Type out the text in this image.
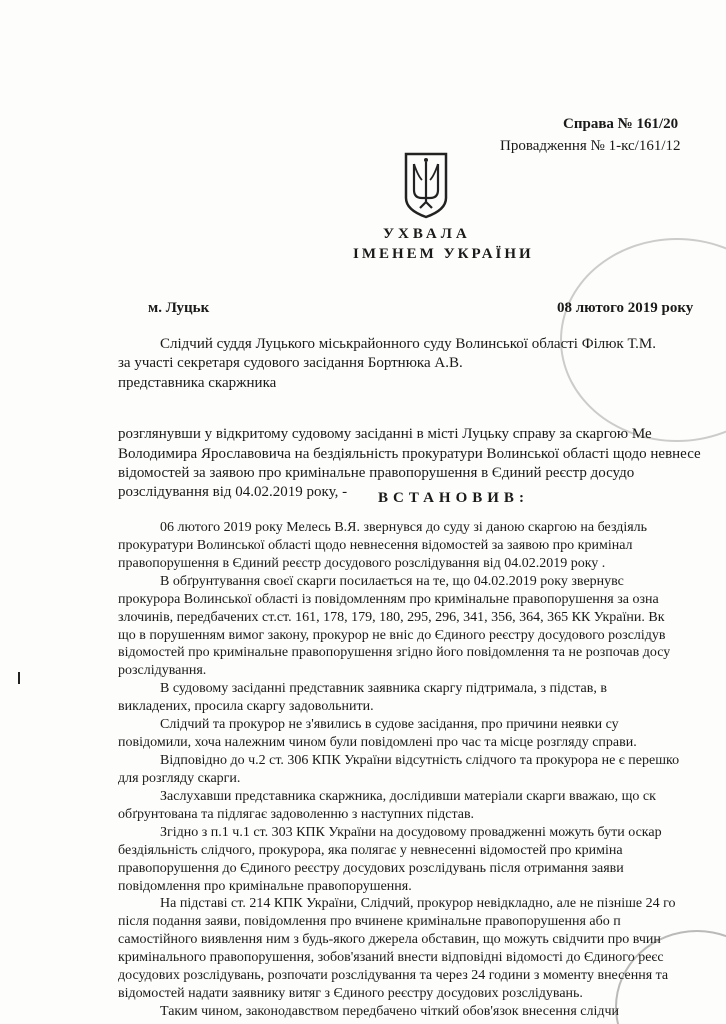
Справа № 161/20
Провадження № 1-кс/161/12
УХВАЛА
ІМЕНЕМ УКРАЇНИ
м. Луцьк	08 лютого 2019 року
Слідчий суддя Луцького міськрайонного суду Волинської області Філюк Т.М.
за участі секретаря судового засідання Бортнюка А.В.
представника скаржника
розглянувши у відкритому судовому засіданні в місті Луцьку справу за скаргою Ме
Володимира Ярославовича на бездіяльність прокуратури Волинської області щодо невнесе
відомостей за заявою про кримінальне правопорушення в Єдиний реєстр досудо
розслідування від 04.02.2019 року, -	ВСТАНОВИВ:
06 лютого 2019 року Мелесь В.Я. звернувся до суду зі даною скаргою на бездіяль
прокуратури Волинської області щодо невнесення відомостей за заявою про кримінал
правопорушення в Єдиний реєстр досудового розслідування від 04.02.2019 року .
В обґрунтування своєї скарги посилається на те, що 04.02.2019 року звернувс
прокурора Волинської області із повідомленням про кримінальне правопорушення за озна
злочинів, передбачених ст.ст. 161, 178, 179, 180, 295, 296, 341, 356, 364, 365 КК України. Вк
що в порушенням вимог закону, прокурор не вніс до Єдиного реєстру досудового розслідув
відомостей про кримінальне правопорушення згідно його повідомлення та не розпочав досу
розслідування.
В судовому засіданні представник заявника скаргу підтримала, з підстав, в
викладених, просила скаргу задовольнити.
Слідчий та прокурор не з'явились в судове засідання, про причини неявки су
повідомили, хоча належним чином були повідомлені про час та місце розгляду справи.
Відповідно до ч.2 ст. 306 КПК України відсутність слідчого та прокурора не є перешко
для розгляду скарги.
Заслухавши представника скаржника, дослідивши матеріали скарги вважаю, що ск
обґрунтована та підлягає задоволенню з наступних підстав.
Згідно з п.1 ч.1 ст. 303 КПК України на досудовому провадженні можуть бути оскар
бездіяльність слідчого, прокурора, яка полягає у невнесенні відомостей про криміна
правопорушення до Єдиного реєстру досудових розслідувань після отримання заяви
повідомлення про кримінальне правопорушення.
На підставі ст. 214 КПК України, Слідчий, прокурор невідкладно, але не пізніше 24 го
після подання заяви, повідомлення про вчинене кримінальне правопорушення або п
самостійного виявлення ним з будь-якого джерела обставин, що можуть свідчити про вчин
кримінального правопорушення, зобов'язаний внести відповідні відомості до Єдиного реєс
досудових розслідувань, розпочати розслідування та через 24 години з моменту внесення та
відомостей надати заявнику витяг з Єдиного реєстру досудових розслідувань.
Таким чином, законодавством передбачено чіткий обов'язок внесення слідчи
